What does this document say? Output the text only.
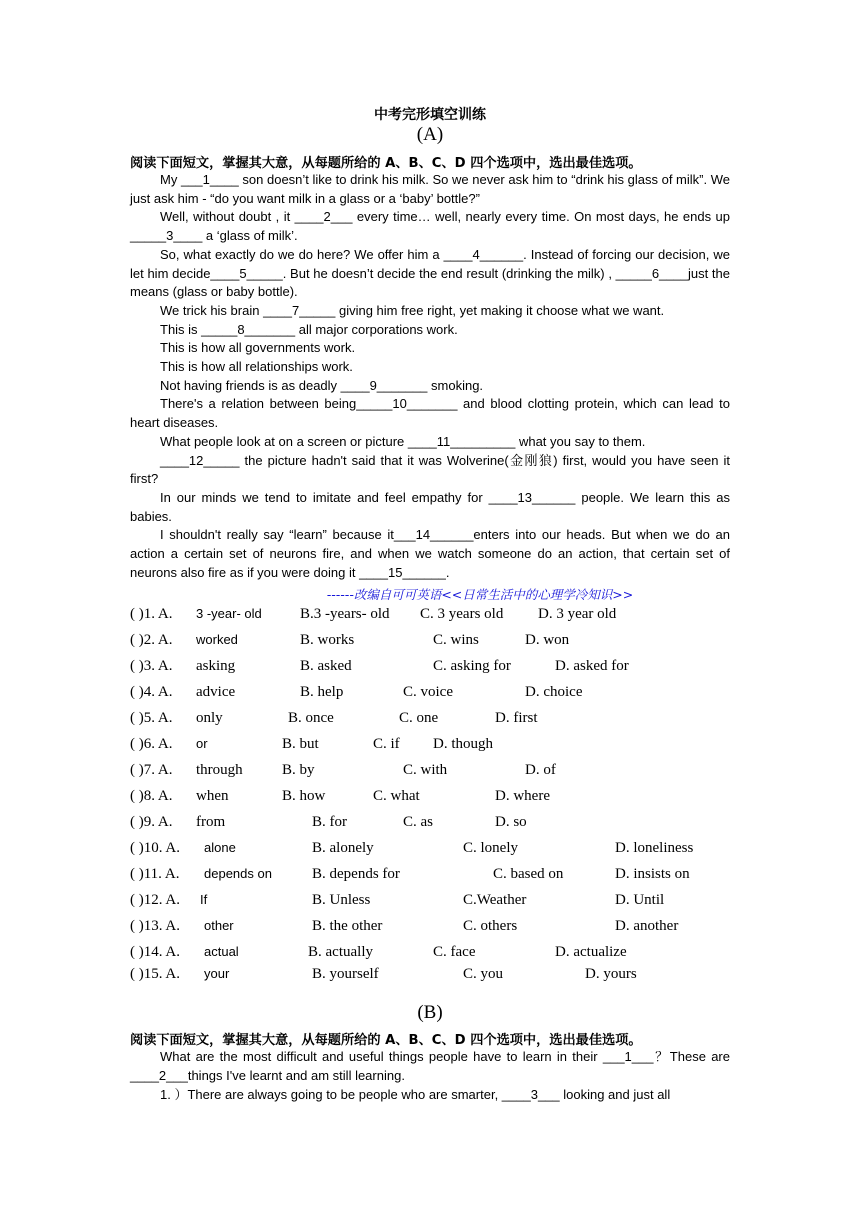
中考完形填空训练
(A)
阅读下面短文，掌握其大意，从每题所给的 A、B、C、D 四个选项中，选出最佳选项。

My ___1____ son doesn’t like to drink his milk. So we never ask him to “drink his glass of milk”. We just ask him - “do you want milk in a glass or a ‘baby’ bottle?”

Well, without doubt , it ____2___ every time… well, nearly every time. On most days, he ends up _____3____ a ‘glass of milk’.

So, what exactly do we do here? We offer him a ____4______. Instead of forcing our decision, we let him decide____5_____. But he doesn’t decide the end result (drinking the milk) , _____6____just the means (glass or baby bottle).

We trick his brain ____7_____ giving him free right, yet making it choose what we want.

This is _____8_______ all major corporations work.

This is how all governments work.

This is how all relationships work.

Not having friends is as deadly ____9_______ smoking.

There's a relation between being_____10_______ and blood clotting protein, which can lead to heart diseases.

What people look at on a screen or picture ____11_________ what you say to them.

____12_____ the picture hadn't said that it was Wolverine(金刚狼) first, would you have seen it first?

In our minds we tend to imitate and feel empathy for ____13______ people. We learn this as babies.

I shouldn't really say “learn” because it___14______enters into our heads. But when we do an action a certain set of neurons fire, and when we watch someone do an action, that certain set of neurons also fire as if you were doing it ____15______.

------改编自可可英语<<日常生活中的心理学冷知识>>
( )1. A. 3 -year- old	B.3 -years- old C. 3 years old D. 3 year old
( )2. A. worked	B. works	C. wins	D. won
( )3. A. asking	B. asked	C. asking for	D. asked for
( )4. A. advice	B. help	C. voice	D. choice
( )5. A. only	B. once	C. one	D. first
( )6. A. or	B. but	C. if D. though
( )7. A. through	B. by	C. with	D. of
( )8. A. when	B. how	C. what	D. where
( )9. A. from	B. for	C. as	D. so
( )10. A. alone	B. alonely	C. lonely	D. loneliness
( )11. A. depends on	B. depends for	C. based on	D. insists on
( )12. A. If	B. Unless	C.Weather	D. Until
( )13. A. other	B. the other	C. others	D. another
( )14. A. actual	B. actually	C. face	D. actualize
( )15. A. your	B. yourself	C. you	D. yours
(B)
阅读下面短文，掌握其大意，从每题所给的 A、B、C、D 四个选项中，选出最佳选项。

What are the most difficult and useful things people have to learn in their ___1___？These are ____2___things I've learnt and am still learning.

1. ）There are always going to be people who are smarter, ____3___ looking and just all
